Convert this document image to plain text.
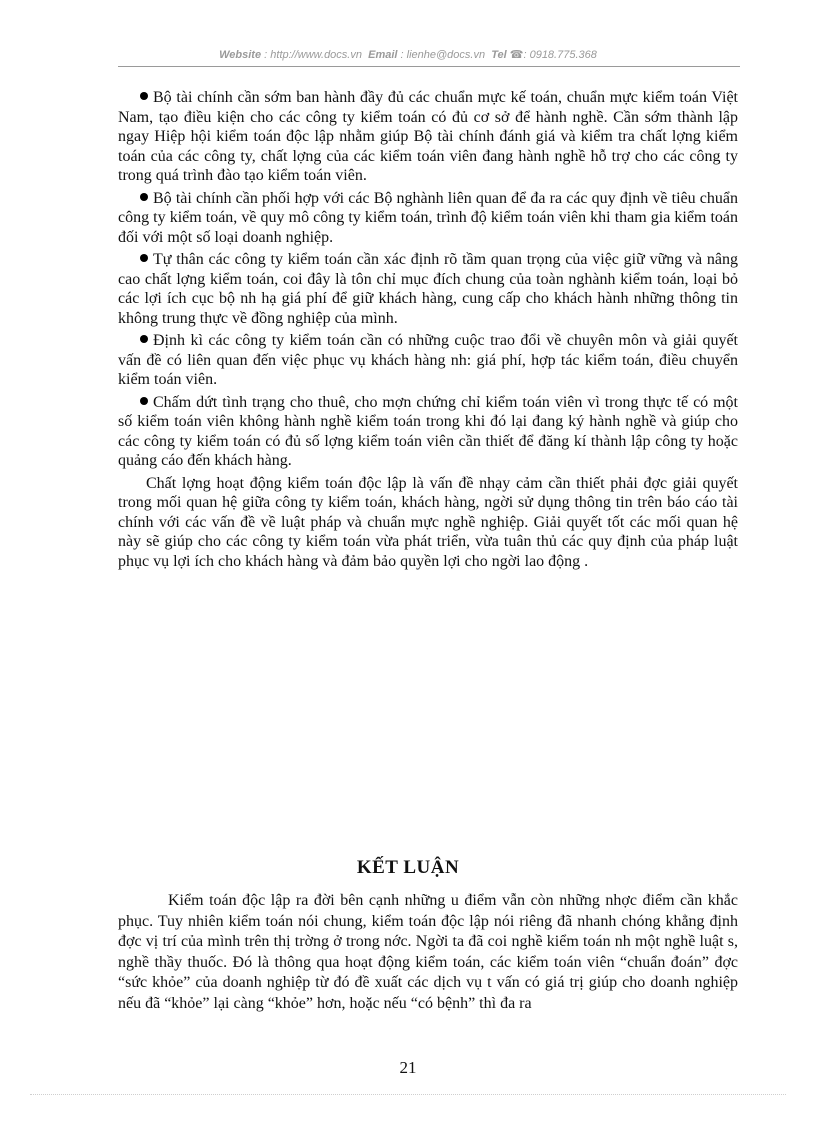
Website : http://www.docs.vn Email : lienhe@docs.vn Tel ☎: 0918.775.368

Bộ tài chính cần sớm ban hành đầy đủ các chuẩn mực kế toán, chuẩn mực kiểm toán Việt Nam, tạo điều kiện cho các công ty kiểm toán có đủ cơ sở để hành nghề. Cần sớm thành lập ngay Hiệp hội kiểm toán độc lập nhằm giúp Bộ tài chính đánh giá và kiểm tra chất lợng kiểm toán của các công ty, chất lợng của các kiểm toán viên đang hành nghề hỗ trợ cho các công ty trong quá trình đào tạo kiểm toán viên.

Bộ tài chính cần phối hợp với các Bộ nghành liên quan để đa ra các quy định về tiêu chuẩn công ty kiểm toán, về quy mô công ty kiểm toán, trình độ kiểm toán viên khi tham gia kiểm toán đối với một số loại doanh nghiệp.

Tự thân các công ty kiểm toán cần xác định rõ tầm quan trọng của việc giữ vững và nâng cao chất lợng kiểm toán, coi đây là tôn chỉ mục đích chung của toàn nghành kiểm toán, loại bỏ các lợi ích cục bộ nh hạ giá phí để giữ khách hàng, cung cấp cho khách hành những thông tin không trung thực về đồng nghiệp của mình.

Định kì các công ty kiểm toán cần có những cuộc trao đổi về chuyên môn và giải quyết vấn đề có liên quan đến việc phục vụ khách hàng nh: giá phí, hợp tác kiểm toán, điều chuyển kiểm toán viên.

Chấm dứt tình trạng cho thuê, cho mợn chứng chỉ kiểm toán viên vì trong thực tế có một số kiểm toán viên không hành nghề kiểm toán trong khi đó lại đang ký hành nghề và giúp cho các công ty kiểm toán có đủ số lợng kiểm toán viên cần thiết để đăng kí thành lập công ty hoặc quảng cáo đến khách hàng.

Chất lợng hoạt động kiểm toán độc lập là vấn đề nhạy cảm cần thiết phải đợc giải quyết trong mối quan hệ giữa công ty kiểm toán, khách hàng, ngời sử dụng thông tin trên báo cáo tài chính với các vấn đề về luật pháp và chuẩn mực nghề nghiệp. Giải quyết tốt các mối quan hệ này sẽ giúp cho các công ty kiểm toán vừa phát triển, vừa tuân thủ các quy định của pháp luật phục vụ lợi ích cho khách hàng và đảm bảo quyền lợi cho ngời lao động .

KẾT LUẬN

Kiểm toán độc lập ra đời bên cạnh những u điểm vẫn còn những nhợc điểm cần khắc phục. Tuy nhiên kiểm toán nói chung, kiểm toán độc lập nói riêng đã nhanh chóng khẳng định đợc vị trí của mình trên thị trờng ở trong nớc. Ngời ta đã coi nghề kiểm toán nh một nghề luật s, nghề thầy thuốc. Đó là thông qua hoạt động kiểm toán, các kiểm toán viên “chuẩn đoán” đợc “sức khỏe” của doanh nghiệp từ đó đề xuất các dịch vụ t vấn có giá trị giúp cho doanh nghiệp nếu đã “khỏe” lại càng “khỏe” hơn, hoặc nếu “có bệnh” thì đa ra

21
